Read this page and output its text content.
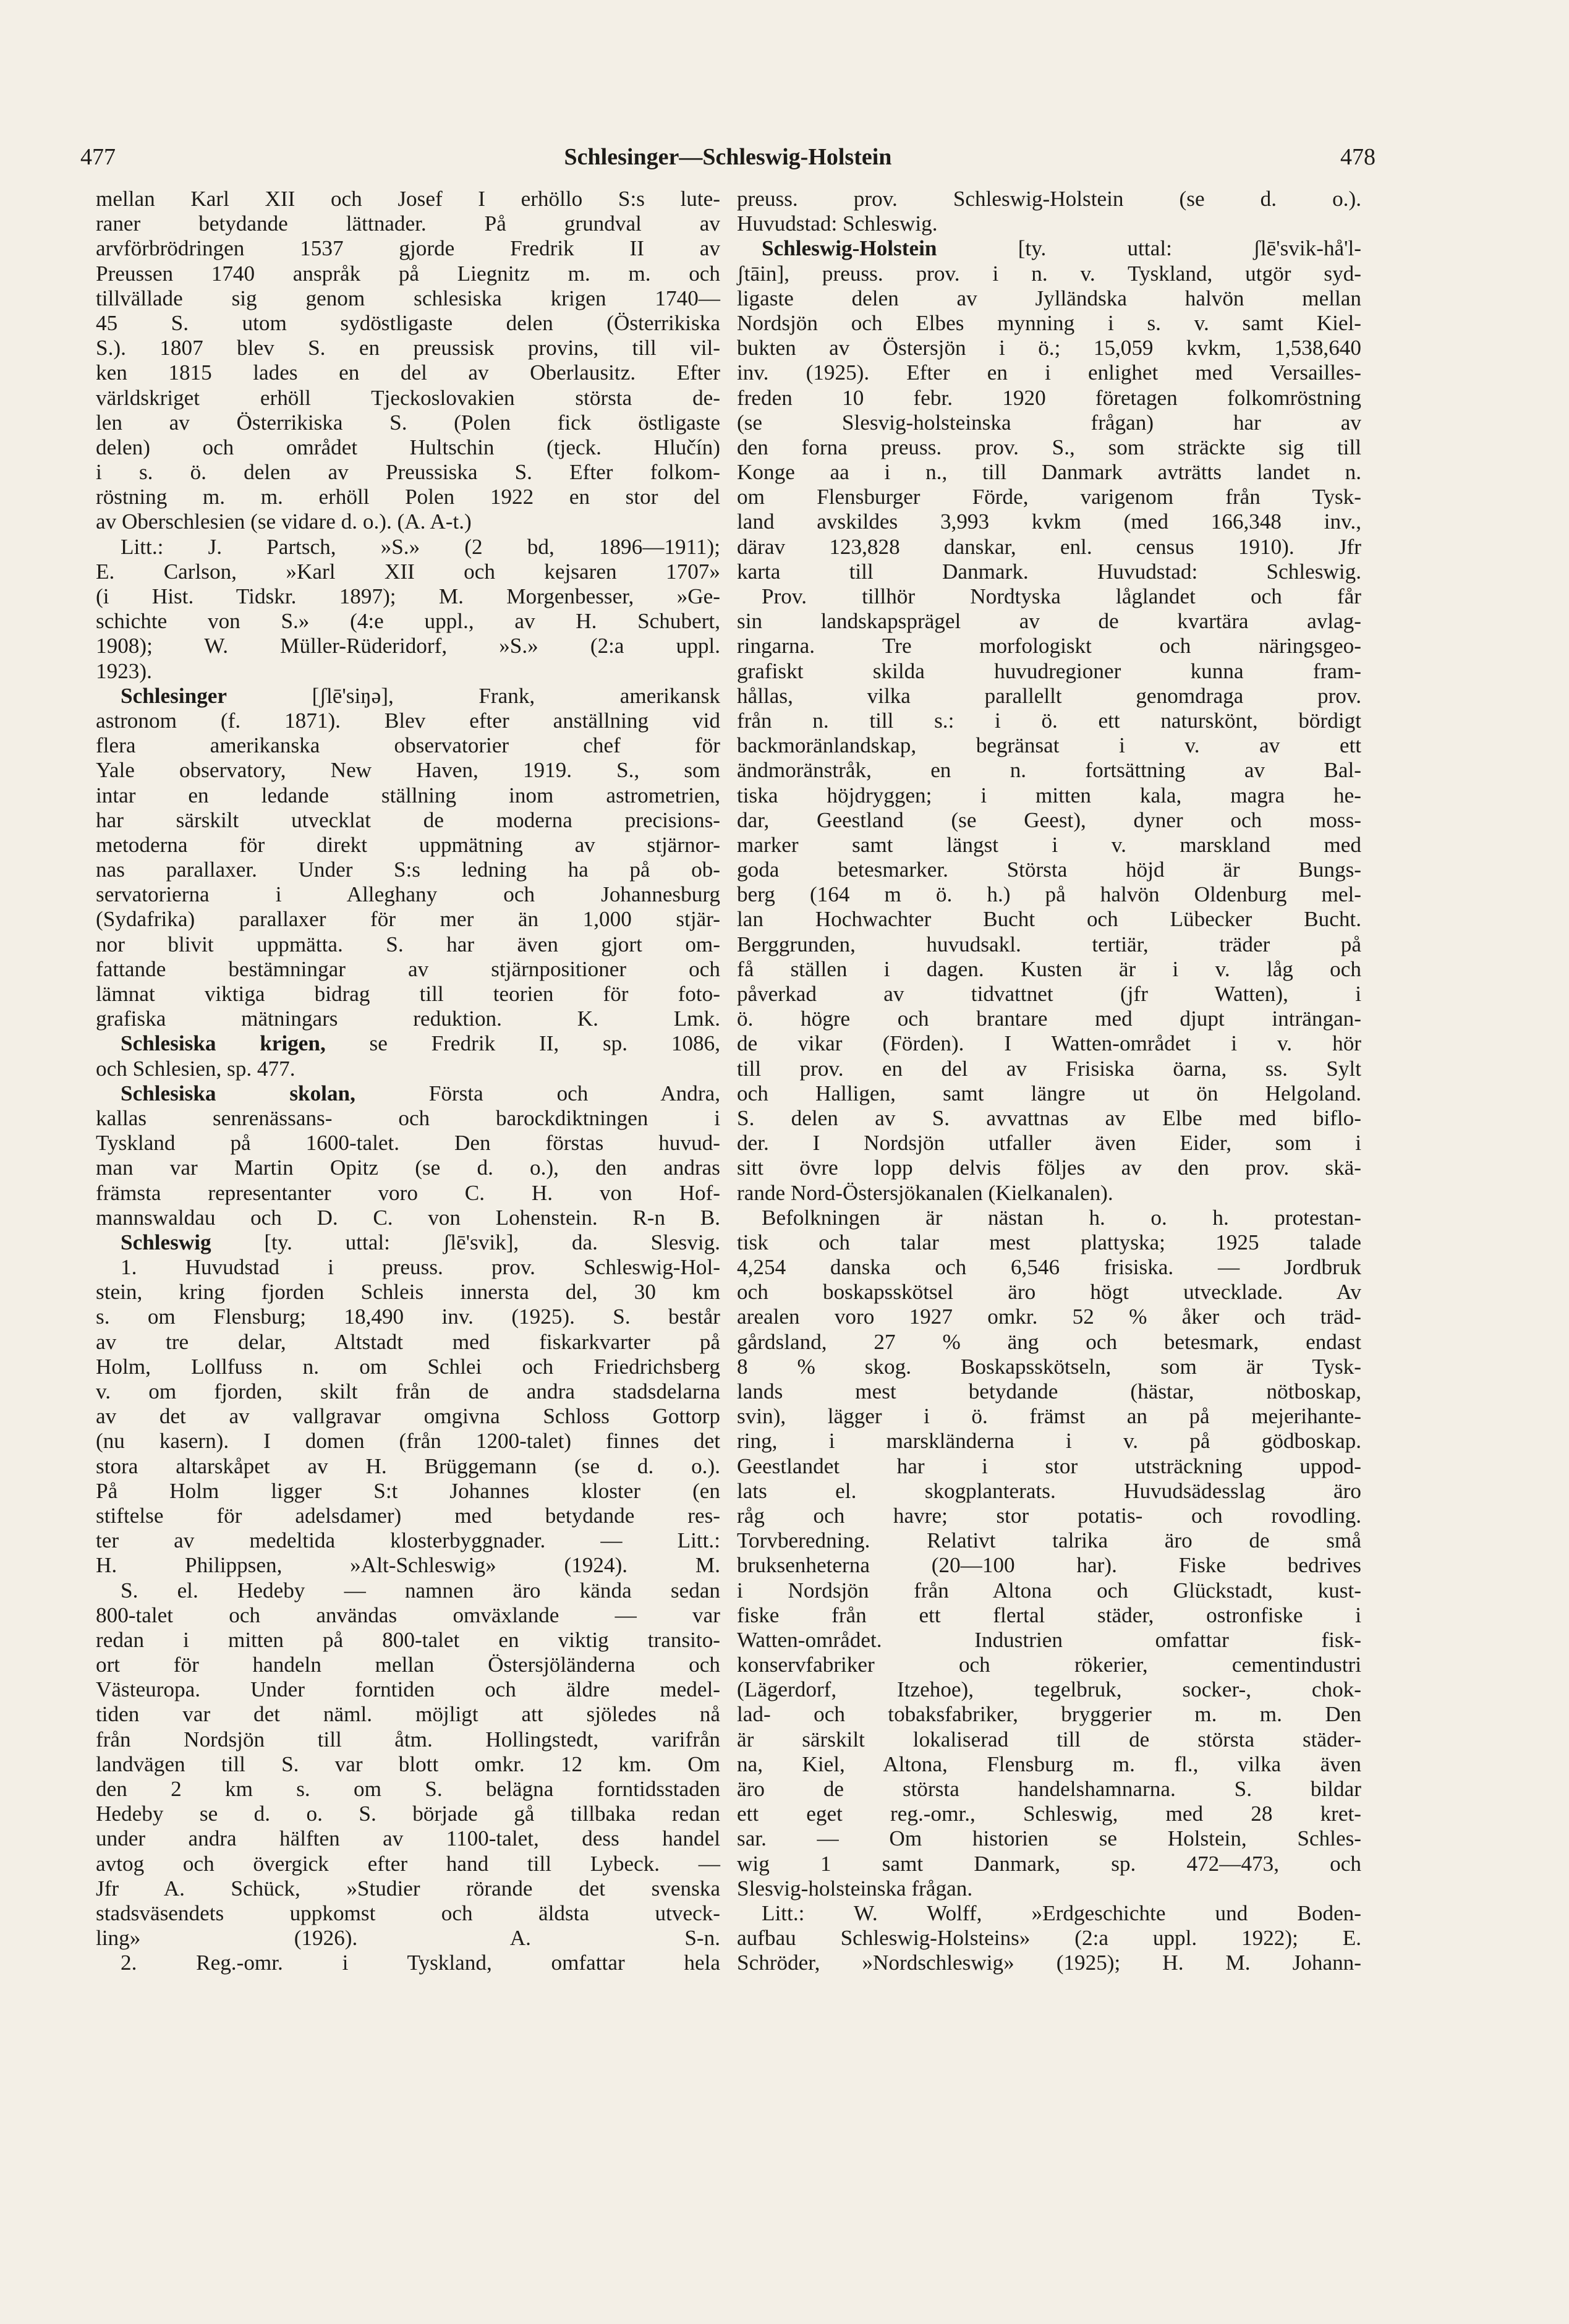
477	Schlesinger—Schleswig-Holstein	478
mellan Karl XII och Josef I erhöllo S:s lute-
raner betydande lättnader. På grundval av
arvförbrödringen 1537 gjorde Fredrik II av
Preussen 1740 anspråk på Liegnitz m. m. och
tillvällade sig genom schlesiska krigen 1740—
45 S. utom sydöstligaste delen (Österrikiska
S.). 1807 blev S. en preussisk provins, till vil-
ken 1815 lades en del av Oberlausitz. Efter
världskriget erhöll Tjeckoslovakien största de-
len av Österrikiska S. (Polen fick östligaste
delen) och området Hultschin (tjeck. Hlučín)
i s. ö. delen av Preussiska S. Efter folkom-
röstning m. m. erhöll Polen 1922 en stor del
av Oberschlesien (se vidare d. o.). (A. A-t.)
Litt.: J. Partsch, »S.» (2 bd, 1896—1911);
E. Carlson, »Karl XII och kejsaren 1707»
(i Hist. Tidskr. 1897); M. Morgenbesser, »Ge-
schichte von S.» (4:e uppl., av H. Schubert,
1908); W. Müller-Rüderidorf, »S.» (2:a uppl.
1923).
Schlesinger [ʃlē'siŋə], Frank, amerikansk
astronom (f. 1871). Blev efter anställning vid
flera amerikanska observatorier chef för
Yale observatory, New Haven, 1919. S., som
intar en ledande ställning inom astrometrien,
har särskilt utvecklat de moderna precisions-
metoderna för direkt uppmätning av stjärnor-
nas parallaxer. Under S:s ledning ha på ob-
servatorierna i Alleghany och Johannesburg
(Sydafrika) parallaxer för mer än 1,000 stjär-
nor blivit uppmätta. S. har även gjort om-
fattande bestämningar av stjärnpositioner och
lämnat viktiga bidrag till teorien för foto-
grafiska mätningars reduktion. K. Lmk.
Schlesiska krigen, se Fredrik II, sp. 1086,
och Schlesien, sp. 477.
Schlesiska skolan, Första och Andra,
kallas senrenässans- och barockdiktningen i
Tyskland på 1600-talet. Den förstas huvud-
man var Martin Opitz (se d. o.), den andras
främsta representanter voro C. H. von Hof-
mannswaldau och D. C. von Lohenstein. R-n B.
Schleswig [ty. uttal: ʃlē'svik], da. Slesvig.
1. Huvudstad i preuss. prov. Schleswig-Hol-
stein, kring fjorden Schleis innersta del, 30 km
s. om Flensburg; 18,490 inv. (1925). S. består
av tre delar, Altstadt med fiskarkvarter på
Holm, Lollfuss n. om Schlei och Friedrichsberg
v. om fjorden, skilt från de andra stadsdelarna
av det av vallgravar omgivna Schloss Gottorp
(nu kasern). I domen (från 1200-talet) finnes det
stora altarskåpet av H. Brüggemann (se d. o.).
På Holm ligger S:t Johannes kloster (en
stiftelse för adelsdamer) med betydande res-
ter av medeltida klosterbyggnader. — Litt.:
H. Philippsen, »Alt-Schleswig» (1924). M.
S. el. Hedeby — namnen äro kända sedan
800-talet och användas omväxlande — var
redan i mitten på 800-talet en viktig transito-
ort för handeln mellan Östersjöländerna och
Västeuropa. Under forntiden och äldre medel-
tiden var det näml. möjligt att sjöledes nå
från Nordsjön till åtm. Hollingstedt, varifrån
landvägen till S. var blott omkr. 12 km. Om
den 2 km s. om S. belägna forntidsstaden
Hedeby se d. o. S. började gå tillbaka redan
under andra hälften av 1100-talet, dess handel
avtog och övergick efter hand till Lybeck. —
Jfr A. Schück, »Studier rörande det svenska
stadsväsendets uppkomst och äldsta utveck-
ling» (1926). A. S-n.
2. Reg.-omr. i Tyskland, omfattar hela
preuss. prov. Schleswig-Holstein (se d. o.).
Huvudstad: Schleswig.
Schleswig-Holstein [ty. uttal: ʃlē'svik-hå'l-
ʃtāin], preuss. prov. i n. v. Tyskland, utgör syd-
ligaste delen av Jylländska halvön mellan
Nordsjön och Elbes mynning i s. v. samt Kiel-
bukten av Östersjön i ö.; 15,059 kvkm, 1,538,640
inv. (1925). Efter en i enlighet med Versailles-
freden 10 febr. 1920 företagen folkomröstning
(se Slesvig-holsteinska frågan) har av
den forna preuss. prov. S., som sträckte sig till
Konge aa i n., till Danmark avträtts landet n.
om Flensburger Förde, varigenom från Tysk-
land avskildes 3,993 kvkm (med 166,348 inv.,
därav 123,828 danskar, enl. census 1910). Jfr
karta till Danmark. Huvudstad: Schleswig.
Prov. tillhör Nordtyska låglandet och får
sin landskapsprägel av de kvartära avlag-
ringarna. Tre morfologiskt och näringsgeo-
grafiskt skilda huvudregioner kunna fram-
hållas, vilka parallellt genomdraga prov.
från n. till s.: i ö. ett naturskönt, bördigt
backmoränlandskap, begränsat i v. av ett
ändmoränstråk, en n. fortsättning av Bal-
tiska höjdryggen; i mitten kala, magra he-
dar, Geestland (se Geest), dyner och moss-
marker samt längst i v. marskland med
goda betesmarker. Största höjd är Bungs-
berg (164 m ö. h.) på halvön Oldenburg mel-
lan Hochwachter Bucht och Lübecker Bucht.
Berggrunden, huvudsakl. tertiär, träder på
få ställen i dagen. Kusten är i v. låg och
påverkad av tidvattnet (jfr Watten), i
ö. högre och brantare med djupt inträngan-
de vikar (Förden). I Watten-området i v. hör
till prov. en del av Frisiska öarna, ss. Sylt
och Halligen, samt längre ut ön Helgoland.
S. delen av S. avvattnas av Elbe med biflo-
der. I Nordsjön utfaller även Eider, som i
sitt övre lopp delvis följes av den prov. skä-
rande Nord-Östersjökanalen (Kielkanalen).
Befolkningen är nästan h. o. h. protestan-
tisk och talar mest plattyska; 1925 talade
4,254 danska och 6,546 frisiska. — Jordbruk
och boskapsskötsel äro högt utvecklade. Av
arealen voro 1927 omkr. 52 % åker och träd-
gårdsland, 27 % äng och betesmark, endast
8 % skog. Boskapsskötseln, som är Tysk-
lands mest betydande (hästar, nötboskap,
svin), lägger i ö. främst an på mejerihante-
ring, i marskländerna i v. på gödboskap.
Geestlandet har i stor utsträckning uppod-
lats el. skogplanterats. Huvudsädesslag äro
råg och havre; stor potatis- och rovodling.
Torvberedning. Relativt talrika äro de små
bruksenheterna (20—100 har). Fiske bedrives
i Nordsjön från Altona och Glückstadt, kust-
fiske från ett flertal städer, ostronfiske i
Watten-området. Industrien omfattar fisk-
konservfabriker och rökerier, cementindustri
(Lägerdorf, Itzehoe), tegelbruk, socker-, chok-
lad- och tobaksfabriker, bryggerier m. m. Den
är särskilt lokaliserad till de största städer-
na, Kiel, Altona, Flensburg m. fl., vilka även
äro de största handelshamnarna. S. bildar
ett eget reg.-omr., Schleswig, med 28 kret-
sar. — Om historien se Holstein, Schles-
wig 1 samt Danmark, sp. 472—473, och
Slesvig-holsteinska frågan.
Litt.: W. Wolff, »Erdgeschichte und Boden-
aufbau Schleswig-Holsteins» (2:a uppl. 1922); E.
Schröder, »Nordschleswig» (1925); H. M. Johann-
